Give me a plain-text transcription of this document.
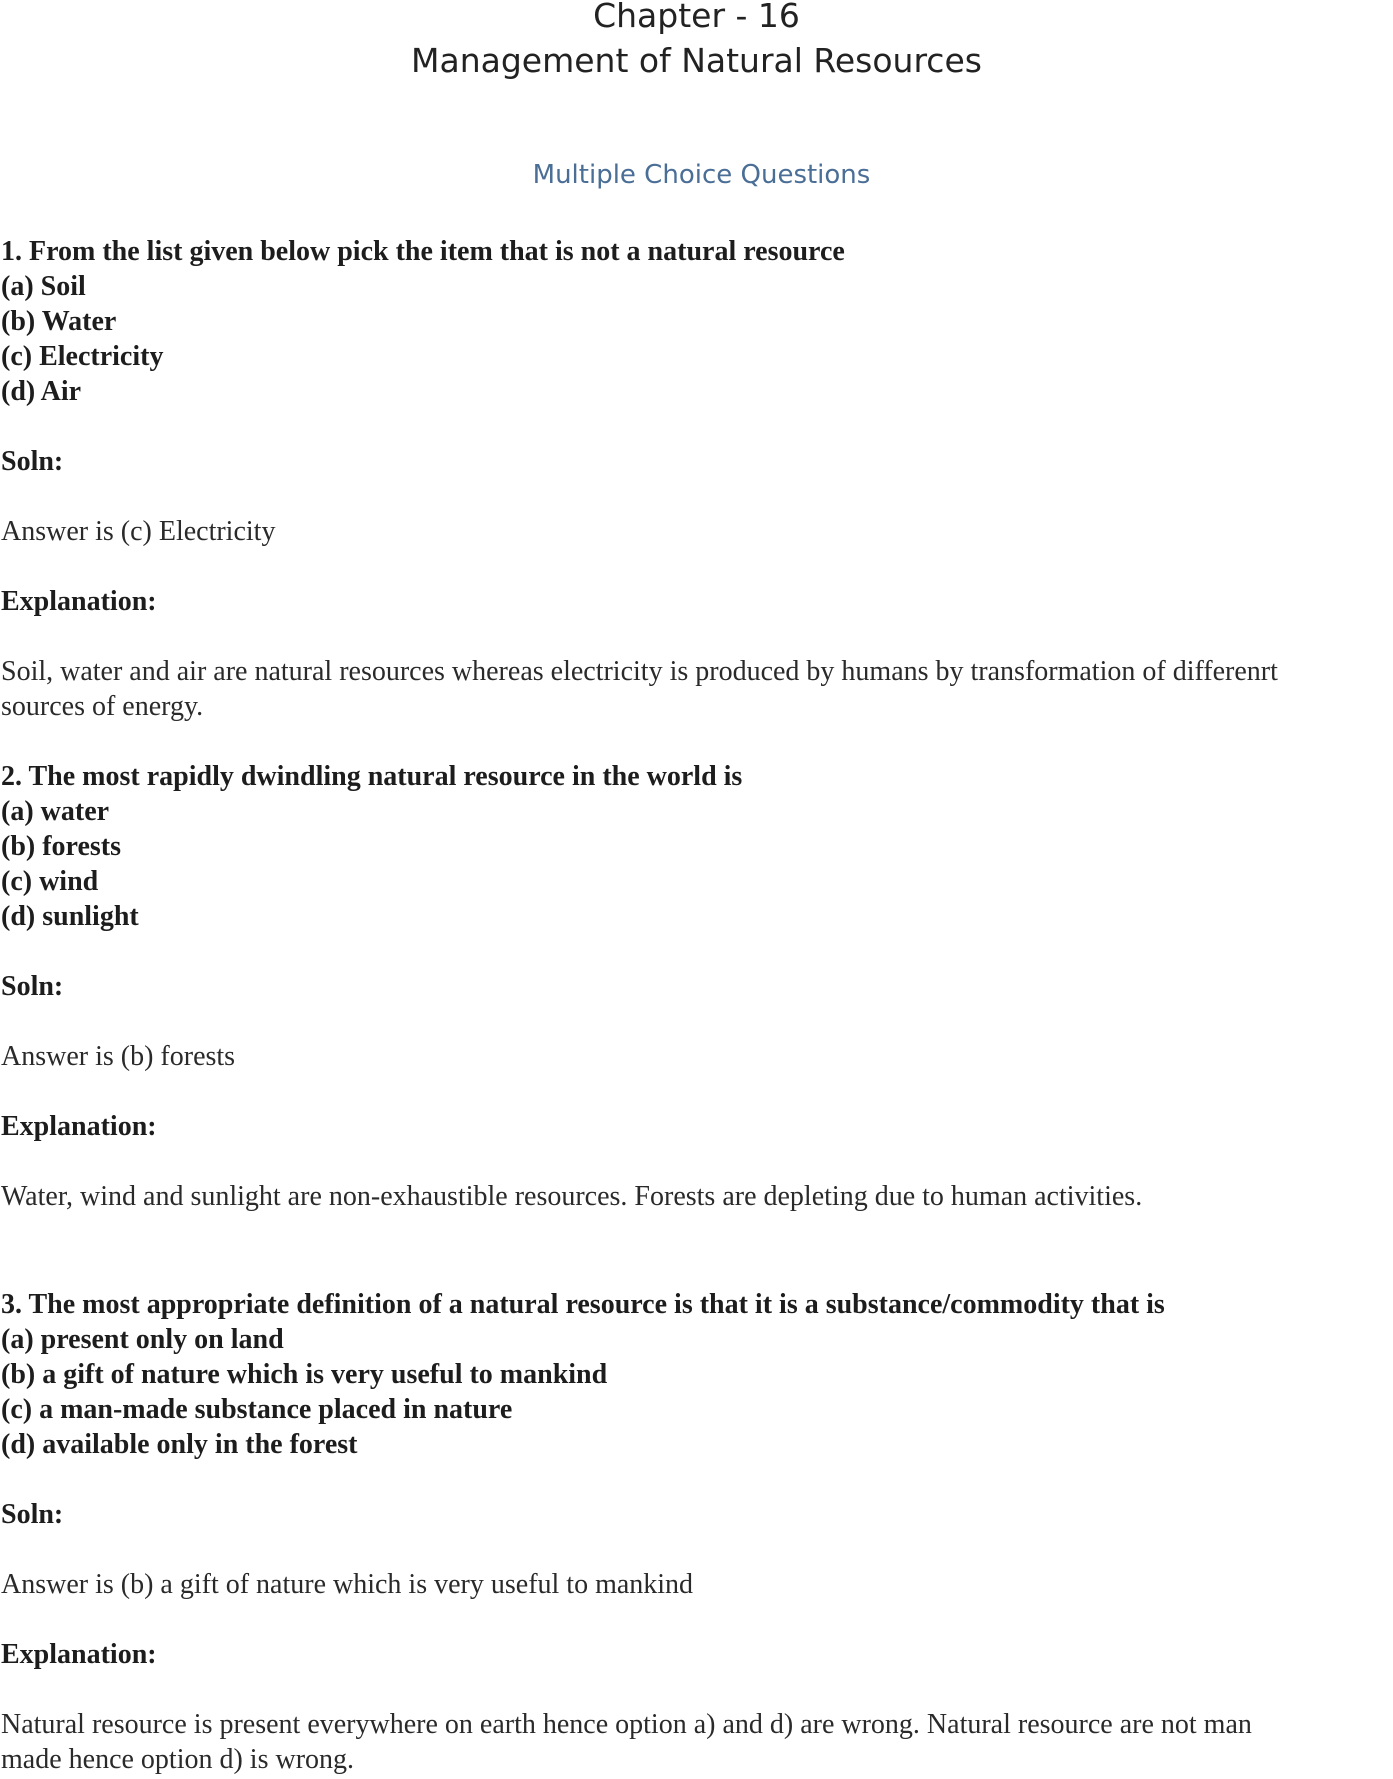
Chapter - 16
Management of Natural Resources
Multiple Choice Questions
1. From the list given below pick the item that is not a natural resource
(a) Soil
(b) Water
(c) Electricity
(d) Air
Soln:
Answer is (c) Electricity
Explanation:
Soil, water and air are natural resources whereas electricity is produced by humans by transformation of differenrt
sources of energy.
2. The most rapidly dwindling natural resource in the world is
(a) water
(b) forests
(c) wind
(d) sunlight
Soln:
Answer is (b) forests
Explanation:
Water, wind and sunlight are non-exhaustible resources. Forests are depleting due to human activities.
3. The most appropriate definition of a natural resource is that it is a substance/commodity that is
(a) present only on land
(b) a gift of nature which is very useful to mankind
(c) a man-made substance placed in nature
(d) available only in the forest
Soln:
Answer is (b) a gift of nature which is very useful to mankind
Explanation:
Natural resource is present everywhere on earth hence option a) and d) are wrong. Natural resource are not man
made hence option d) is wrong.
